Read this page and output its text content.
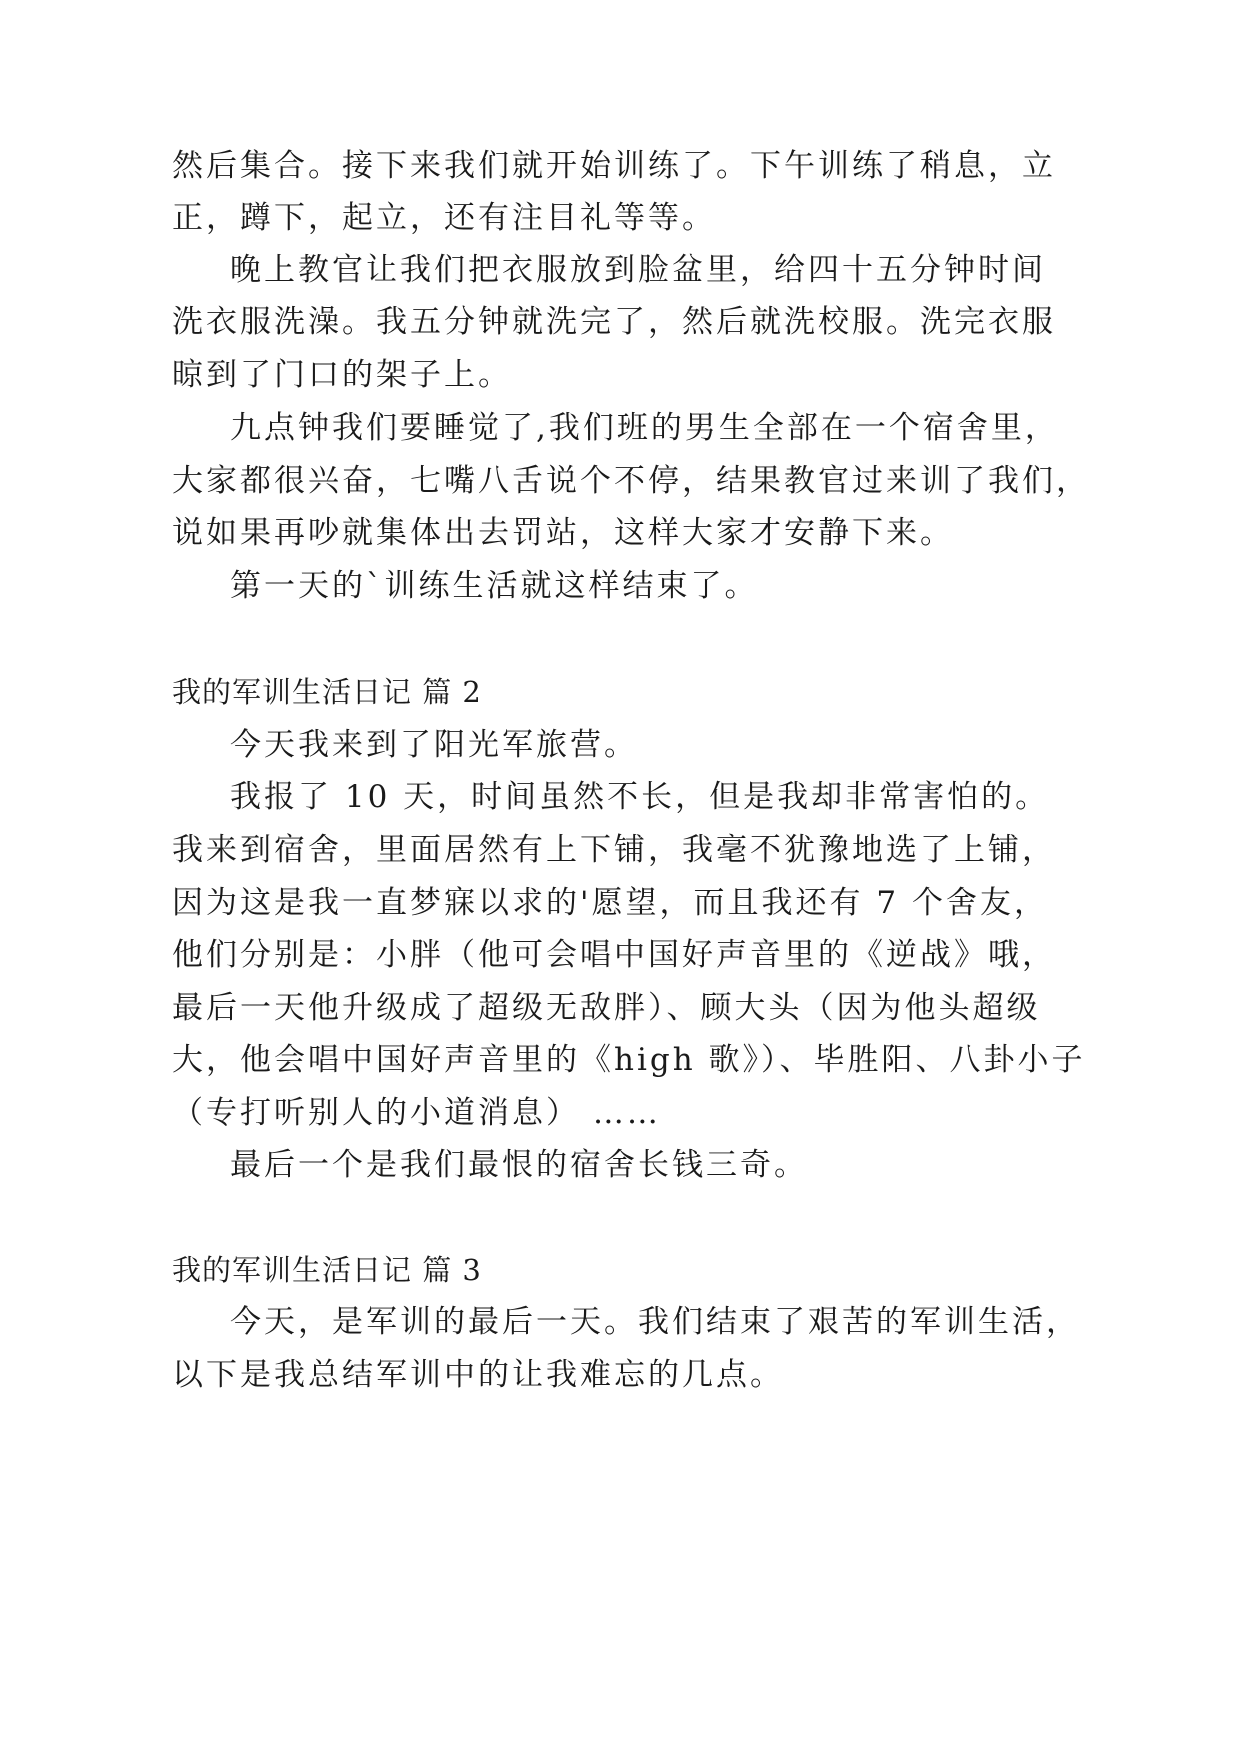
然后集合。接下来我们就开始训练了。下午训练了稍息，立
正，蹲下，起立，还有注目礼等等。
晚上教官让我们把衣服放到脸盆里，给四十五分钟时间
洗衣服洗澡。我五分钟就洗完了，然后就洗校服。洗完衣服
晾到了门口的架子上。
九点钟我们要睡觉了,我们班的男生全部在一个宿舍里，
大家都很兴奋，七嘴八舌说个不停，结果教官过来训了我们，
说如果再吵就集体出去罚站，这样大家才安静下来。
第一天的`训练生活就这样结束了。
我的军训生活日记 篇 2
今天我来到了阳光军旅营。
我报了 10 天，时间虽然不长，但是我却非常害怕的。
我来到宿舍，里面居然有上下铺，我毫不犹豫地选了上铺，
因为这是我一直梦寐以求的'愿望，而且我还有 7 个舍友，
他们分别是：小胖（他可会唱中国好声音里的《逆战》哦，
最后一天他升级成了超级无敌胖）、顾大头（因为他头超级
大，他会唱中国好声音里的《high 歌》）、毕胜阳、八卦小子
（专打听别人的小道消息） ……
最后一个是我们最恨的宿舍长钱三奇。
我的军训生活日记 篇 3
今天，是军训的最后一天。我们结束了艰苦的军训生活，
以下是我总结军训中的让我难忘的几点。
